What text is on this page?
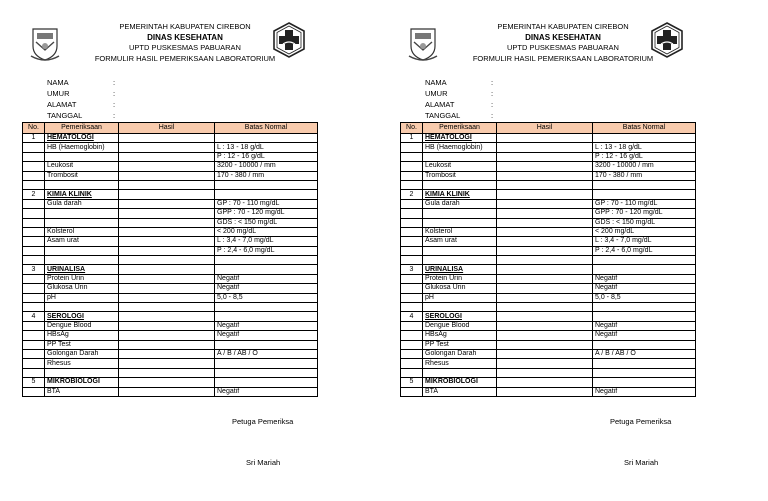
PEMERINTAH KABUPATEN CIREBON
DINAS KESEHATAN
UPTD PUSKESMAS PABUARAN
FORMULIR HASIL PEMERIKSAAN LABORATORIUM
NAMA	:
UMUR	:
ALAMAT	:
TANGGAL	:
No.	Pemeriksaan	Hasil	Batas Normal
1	HEMATOLOGI		
	HB (Haemoglobin)		L : 13 - 18 g/dL
			P : 12 - 16 g/dL
	Leukosit		3200 - 10000 / mm
	Trombosit		170 - 380 / mm

2	KIMIA KLINIK		
	Gula darah		GP : 70 - 110 mg/dL
			GPP : 70 - 120 mg/dL
			GDS : < 150 mg/dL
	Kolsterol		< 200 mg/dL
	Asam urat		L : 3,4 - 7,0 mg/dL
			P : 2,4 - 6,0 mg/dL

3	URINALISA		
	Protein Urin		Negatif
	Glukosa Urin		Negatif
	pH		5,0 - 8,5

4	SEROLOGI		
	Dengue Blood		Negatif
	HBsAg		Negatif
	PP Test		
	Golongan Darah		A / B / AB / O
	Rhesus		

5	MIKROBIOLOGI		
	BTA		Negatif
Petuga Pemeriksa
Sri Mariah
PEMERINTAH KABUPATEN CIREBON
DINAS KESEHATAN
UPTD PUSKESMAS PABUARAN
FORMULIR HASIL PEMERIKSAAN LABORATORIUM
NAMA	:
UMUR	:
ALAMAT	:
TANGGAL	:
No.	Pemeriksaan	Hasil	Batas Normal
1	HEMATOLOGI		
	HB (Haemoglobin)		L : 13 - 18 g/dL
			P : 12 - 16 g/dL
	Leukosit		3200 - 10000 / mm
	Trombosit		170 - 380 / mm

2	KIMIA KLINIK		
	Gula darah		GP : 70 - 110 mg/dL
			GPP : 70 - 120 mg/dL
			GDS : < 150 mg/dL
	Kolsterol		< 200 mg/dL
	Asam urat		L : 3,4 - 7,0 mg/dL
			P : 2,4 - 6,0 mg/dL

3	URINALISA		
	Protein Urin		Negatif
	Glukosa Urin		Negatif
	pH		5,0 - 8,5

4	SEROLOGI		
	Dengue Blood		Negatif
	HBsAg		Negatif
	PP Test		
	Golongan Darah		A / B / AB / O
	Rhesus		

5	MIKROBIOLOGI		
	BTA		Negatif
Petuga Pemeriksa
Sri Mariah
